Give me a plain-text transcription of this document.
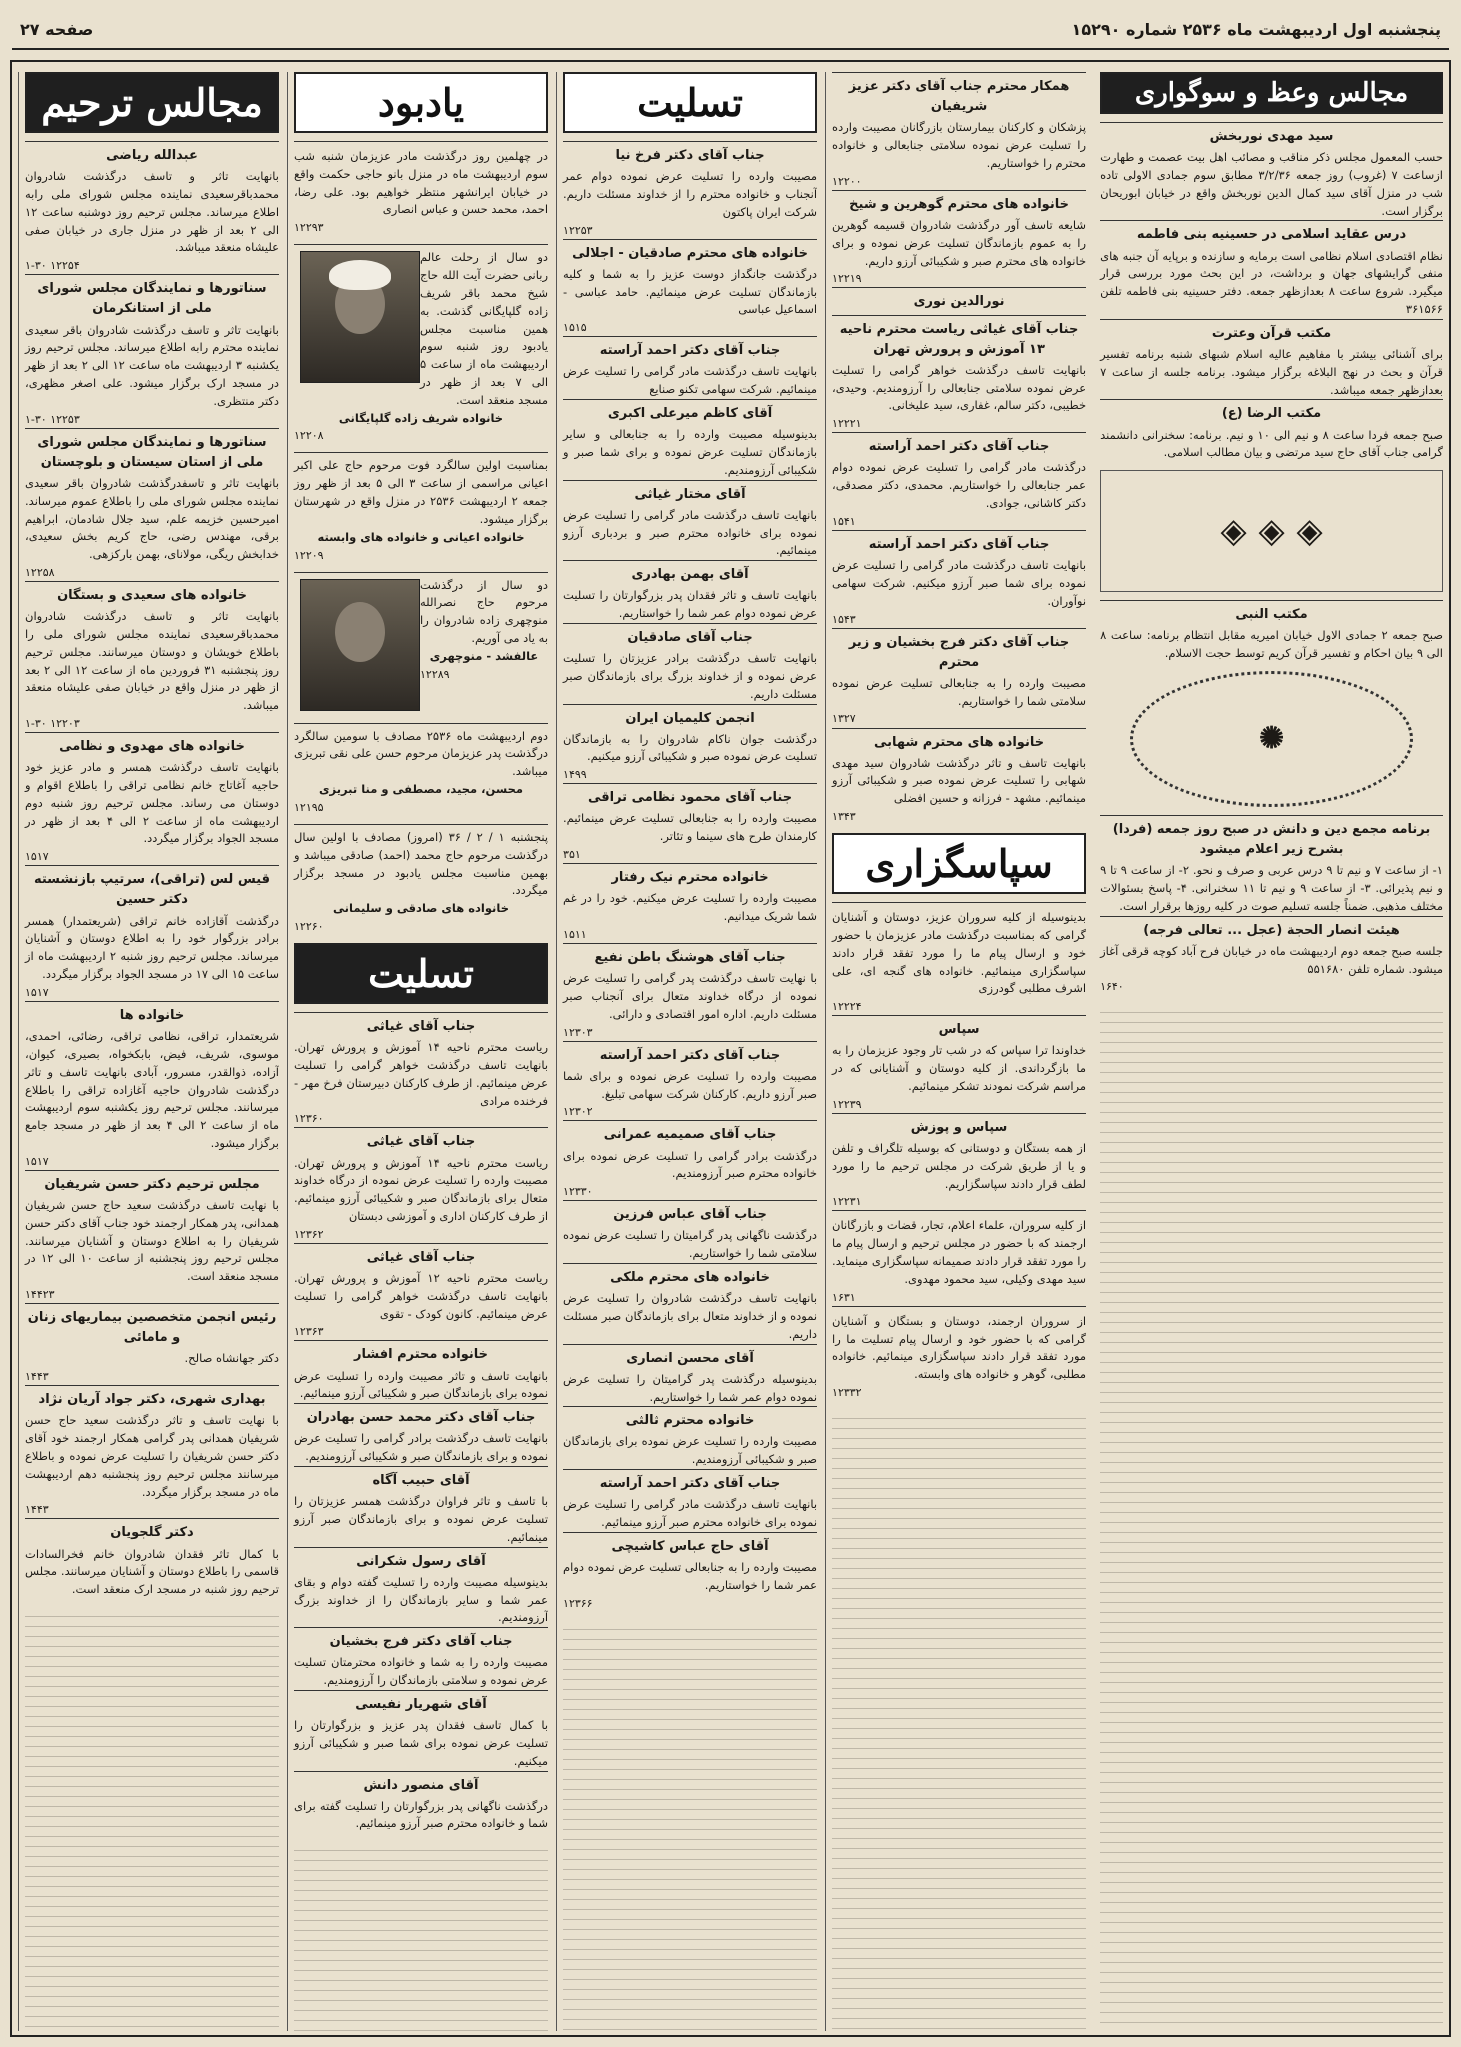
پنجشنبه اول اردیبهشت ماه ۲۵۳۶ شماره ۱۵۲۹۰
صفحه ۲۷
مجالس ترحیم
عبدالله ریاضی
بانهایت تاثر و تاسف درگذشت شادروان محمدباقرسعیدی نماینده مجلس شورای ملی رابه اطلاع میرساند. مجلس ترحیم روز دوشنبه ساعت ۱۲ الی ۲ بعد از ظهر در منزل جاری در خیابان صفی علیشاه منعقد میباشد.
۱-۳۰ ۱۲۲۵۴
سناتورها و نمایندگان مجلس شورای ملی از استانکرمان
بانهایت تاثر و تاسف درگذشت شادروان باقر سعیدی نماینده محترم رابه اطلاع میرساند. مجلس ترحیم روز یکشنبه ۳ اردیبهشت ماه ساعت ۱۲ الی ۲ بعد از ظهر در مسجد ارک برگزار میشود. علی اصغر مظهری، دکتر منتظری.
۱-۳۰ ۱۲۲۵۳
سناتورها و نمایندگان مجلس شورای ملی از استان سیستان و بلوچستان
بانهایت تاثر و تاسفدرگذشت شادروان باقر سعیدی نماینده مجلس شورای ملی را باطلاع عموم میرساند. امیرحسین خزیمه علم، سید جلال شادمان، ابراهیم برقی، مهندس رضی، حاج کریم بخش سعیدی، خدابخش ریگی، مولانای، بهمن بارکزهی.
۱۲۲۵۸
خانواده های سعیدی و بستگان
بانهایت تاثر و تاسف درگذشت شادروان محمدباقرسعیدی نماینده مجلس شورای ملی را باطلاع خویشان و دوستان میرسانند. مجلس ترحیم روز پنجشنبه ۳۱ فروردین ماه از ساعت ۱۲ الی ۲ بعد از ظهر در منزل واقع در خیابان صفی علیشاه منعقد میباشد.
۱-۳۰ ۱۲۲۰۳
خانواده های مهدوی و نظامی
بانهایت تاسف درگذشت همسر و مادر عزیز خود حاجیه آغاتاج خانم نظامی تراقی را باطلاع اقوام و دوستان می رساند. مجلس ترحیم روز شنبه دوم اردیبهشت ماه از ساعت ۲ الی ۴ بعد از ظهر در مسجد الجواد برگزار میگردد.
۱۵۱۷
قیس لس (تراقی)، سرتیپ بازنشسته دکتر حسین
درگذشت آقازاده خانم تراقی (شریعتمدار) همسر برادر بزرگوار خود را به اطلاع دوستان و آشنایان میرساند. مجلس ترحیم روز شنبه ۲ اردیبهشت ماه از ساعت ۱۵ الی ۱۷ در مسجد الجواد برگزار میگردد.
۱۵۱۷
خانواده ها
شریعتمدار، تراقی، نظامی تراقی، رضائی، احمدی، موسوی، شریف، فیض، بابکخواه، بصیری، کیوان، آزاده، ذوالقدر، مسرور، آبادی بانهایت تاسف و تاثر درگذشت شادروان حاجیه آغازاده تراقی را باطلاع میرسانند. مجلس ترحیم روز یکشنبه سوم اردیبهشت ماه از ساعت ۲ الی ۴ بعد از ظهر در مسجد جامع برگزار میشود.
۱۵۱۷
مجلس ترحیم دکتر حسن شریفیان
با نهایت تاسف درگذشت سعید حاج حسن شریفیان همدانی، پدر همکار ارجمند خود جناب آقای دکتر حسن شریفیان را به اطلاع دوستان و آشنایان میرسانند. مجلس ترحیم روز پنجشنبه از ساعت ۱۰ الی ۱۲ در مسجد منعقد است.
۱۴۴۲۳
رئیس انجمن متخصصین بیماریهای زنان و مامائی
دکتر جهانشاه صالح.
۱۴۴۳
بهداری شهری، دکتر جواد آریان نژاد
با نهایت تاسف و تاثر درگذشت سعید حاج حسن شریفیان همدانی پدر گرامی همکار ارجمند خود آقای دکتر حسن شریفیان را تسلیت عرض نموده و باطلاع میرسانند مجلس ترحیم روز پنجشنبه دهم اردیبهشت ماه در مسجد برگزار میگردد.
۱۴۴۳
دکتر گلجویان
با کمال تاثر فقدان شادروان خانم فخرالسادات قاسمی را باطلاع دوستان و آشنایان میرسانند. مجلس ترحیم روز شنبه در مسجد ارک منعقد است.
یادبود
در چهلمین روز درگذشت مادر عزیزمان شنبه شب سوم اردیبهشت ماه در منزل بانو حاجی حکمت واقع در خیابان ایرانشهر منتظر خواهیم بود. علی رضا، احمد، محمد حسن و عباس انصاری
۱۲۲۹۳
دو سال از رحلت عالم ربانی حضرت آیت الله حاج شیخ محمد باقر شریف زاده گلپایگانی گذشت. به همین مناسبت مجلس یادبود روز شنبه سوم اردیبهشت ماه از ساعت ۵ الی ۷ بعد از ظهر در مسجد منعقد است.
خانواده شریف زاده گلپایگانی
۱۲۲۰۸
بمناسبت اولین سالگرد فوت مرحوم حاج علی اکبر اعیانی مراسمی از ساعت ۳ الی ۵ بعد از ظهر روز جمعه ۲ اردیبهشت ۲۵۳۶ در منزل واقع در شهرستان برگزار میشود.
خانواده اعیانی و خانواده های وابسته
۱۲۲۰۹
دو سال از درگذشت مرحوم حاج نصرالله منوچهری زاده شادروان را به یاد می آوریم.
عالفشد - منوچهری
۱۲۲۸۹
دوم اردیبهشت ماه ۲۵۳۶ مصادف با سومین سالگرد درگذشت پدر عزیزمان مرحوم حسن علی نقی تبریزی میباشد.
محسن، مجید، مصطفی و منا تبریزی
۱۲۱۹۵
پنجشنبه ۱ / ۲ / ۳۶ (امروز) مصادف با اولین سال درگذشت مرحوم حاج محمد (احمد) صادقی میباشد و بهمین مناسبت مجلس یادبود در مسجد برگزار میگردد.
خانواده های صادقی و سلیمانی
۱۲۲۶۰
تسلیت
جناب آقای غیاثی
ریاست محترم ناحیه ۱۴ آموزش و پرورش تهران. بانهایت تاسف درگذشت خواهر گرامی را تسلیت عرض مینمائیم. از طرف کارکنان دبیرستان فرخ مهر - فرخنده مرادی
۱۲۳۶۰
جناب آقای غیاثی
ریاست محترم ناحیه ۱۴ آموزش و پرورش تهران. مصیبت وارده را تسلیت عرض نموده از درگاه خداوند متعال برای بازماندگان صبر و شکیبائی آرزو مینمائیم. از طرف کارکنان اداری و آموزشی دبستان
۱۲۳۶۲
جناب آقای غیاثی
ریاست محترم ناحیه ۱۲ آموزش و پرورش تهران. بانهایت تاسف درگذشت خواهر گرامی را تسلیت عرض مینمائیم. کانون کودک - تقوی
۱۲۳۶۳
خانواده محترم افشار
بانهایت تاسف و تاثر مصیبت وارده را تسلیت عرض نموده برای بازماندگان صبر و شکیبائی آرزو مینمائیم.
جناب آقای دکتر محمد حسن بهادران
بانهایت تاسف درگذشت برادر گرامی را تسلیت عرض نموده و برای بازماندگان صبر و شکیبائی آرزومندیم.
آقای حبیب آگاه
با تاسف و تاثر فراوان درگذشت همسر عزیزتان را تسلیت عرض نموده و برای بازماندگان صبر آرزو مینمائیم.
آقای رسول شکرانی
بدینوسیله مصیبت وارده را تسلیت گفته دوام و بقای عمر شما و سایر بازماندگان را از خداوند بزرگ آرزومندیم.
جناب آقای دکتر فرج بخشیان
مصیبت وارده را به شما و خانواده محترمتان تسلیت عرض نموده و سلامتی بازماندگان را آرزومندیم.
آقای شهریار نفیسی
با کمال تاسف فقدان پدر عزیز و بزرگوارتان را تسلیت عرض نموده برای شما صبر و شکیبائی آرزو میکنیم.
آقای منصور دانش
درگذشت ناگهانی پدر بزرگوارتان را تسلیت گفته برای شما و خانواده محترم صبر آرزو مینمائیم.
تسلیت
جناب آقای دکتر فرخ نیا
مصیبت وارده را تسلیت عرض نموده دوام عمر آنجناب و خانواده محترم را از خداوند مسئلت داریم. شرکت ایران پاکتون
۱۲۲۵۳
خانواده های محترم صادقیان - اجلالی
درگذشت جانگداز دوست عزیز را به شما و کلیه بازماندگان تسلیت عرض مینمائیم. حامد عباسی - اسماعیل عباسی
۱۵۱۵
جناب آقای دکتر احمد آراسته
بانهایت تاسف درگذشت مادر گرامی را تسلیت عرض مینمائیم. شرکت سهامی تکنو صنایع
آقای کاظم میرعلی اکبری
بدینوسیله مصیبت وارده را به جنابعالی و سایر بازماندگان تسلیت عرض نموده و برای شما صبر و شکیبائی آرزومندیم.
آقای مختار غیاثی
بانهایت تاسف درگذشت مادر گرامی را تسلیت عرض نموده برای خانواده محترم صبر و بردباری آرزو مینمائیم.
آقای بهمن بهادری
بانهایت تاسف و تاثر فقدان پدر بزرگوارتان را تسلیت عرض نموده دوام عمر شما را خواستاریم.
جناب آقای صادقیان
بانهایت تاسف درگذشت برادر عزیزتان را تسلیت عرض نموده و از خداوند بزرگ برای بازماندگان صبر مسئلت داریم.
انجمن کلیمیان ایران
درگذشت جوان ناکام شادروان را به بازماندگان تسلیت عرض نموده صبر و شکیبائی آرزو میکنیم.
۱۴۹۹
جناب آقای محمود نظامی تراقی
مصیبت وارده را به جنابعالی تسلیت عرض مینمائیم. کارمندان طرح های سینما و تئاتر.
۳۵۱
خانواده محترم نیک رفتار
مصیبت وارده را تسلیت عرض میکنیم. خود را در غم شما شریک میدانیم.
۱۵۱۱
جناب آقای هوشنگ باطن نفیع
با نهایت تاسف درگذشت پدر گرامی را تسلیت عرض نموده از درگاه خداوند متعال برای آنجناب صبر مسئلت داریم. اداره امور اقتصادی و دارائی.
۱۲۳۰۳
جناب آقای دکتر احمد آراسته
مصیبت وارده را تسلیت عرض نموده و برای شما صبر آرزو داریم. کارکنان شرکت سهامی تبلیغ.
۱۲۳۰۲
جناب آقای صمیمیه عمرانی
درگذشت برادر گرامی را تسلیت عرض نموده برای خانواده محترم صبر آرزومندیم.
۱۲۳۳۰
جناب آقای عباس فرزین
درگذشت ناگهانی پدر گرامیتان را تسلیت عرض نموده سلامتی شما را خواستاریم.
خانواده های محترم ملکی
بانهایت تاسف درگذشت شادروان را تسلیت عرض نموده و از خداوند متعال برای بازماندگان صبر مسئلت داریم.
آقای محسن انصاری
بدینوسیله درگذشت پدر گرامیتان را تسلیت عرض نموده دوام عمر شما را خواستاریم.
خانواده محترم ثالثی
مصیبت وارده را تسلیت عرض نموده برای بازماندگان صبر و شکیبائی آرزومندیم.
جناب آقای دکتر احمد آراسته
بانهایت تاسف درگذشت مادر گرامی را تسلیت عرض نموده برای خانواده محترم صبر آرزو مینمائیم.
آقای حاج عباس کاشیچی
مصیبت وارده را به جنابعالی تسلیت عرض نموده دوام عمر شما را خواستاریم.
۱۲۳۶۶
همکار محترم جناب آقای دکتر عزیز شریفیان
پزشکان و کارکنان بیمارستان بازرگانان مصیبت وارده را تسلیت عرض نموده سلامتی جنابعالی و خانواده محترم را خواستاریم.
۱۲۲۰۰
خانواده های محترم گوهرین و شیخ
شایعه تاسف آور درگذشت شادروان قسیمه گوهرین را به عموم بازماندگان تسلیت عرض نموده و برای خانواده های محترم صبر و شکیبائی آرزو داریم.
۱۲۲۱۹
نورالدین نوری
جناب آقای غیاثی ریاست محترم ناحیه ۱۳ آموزش و پرورش تهران
بانهایت تاسف درگذشت خواهر گرامی را تسلیت عرض نموده سلامتی جنابعالی را آرزومندیم. وحیدی، خطیبی، دکتر سالم، غفاری، سید علیخانی.
۱۲۲۲۱
جناب آقای دکتر احمد آراسته
درگذشت مادر گرامی را تسلیت عرض نموده دوام عمر جنابعالی را خواستاریم. محمدی، دکتر مصدقی، دکتر کاشانی، جوادی.
۱۵۴۱
جناب آقای دکتر احمد آراسته
بانهایت تاسف درگذشت مادر گرامی را تسلیت عرض نموده برای شما صبر آرزو میکنیم. شرکت سهامی نوآوران.
۱۵۴۳
جناب آقای دکتر فرج بخشیان و زیر محترم
مصیبت وارده را به جنابعالی تسلیت عرض نموده سلامتی شما را خواستاریم.
۱۳۲۷
خانواده های محترم شهابی
بانهایت تاسف و تاثر درگذشت شادروان سید مهدی شهابی را تسلیت عرض نموده صبر و شکیبائی آرزو مینمائیم. مشهد - فرزانه و حسین افضلی
۱۳۴۳
سپاسگزاری
بدینوسیله از کلیه سروران عزیز، دوستان و آشنایان گرامی که بمناسبت درگذشت مادر عزیزمان با حضور خود و ارسال پیام ما را مورد تفقد قرار دادند سپاسگزاری مینمائیم. خانواده های گنجه ای، علی اشرف مطلبی گودرزی
۱۲۲۲۴
سپاس
خداوندا ترا سپاس که در شب تار وجود عزیزمان را به ما بازگرداندی. از کلیه دوستان و آشنایانی که در مراسم شرکت نمودند تشکر مینمائیم.
۱۲۲۳۹
سپاس و پوزش
از همه بستگان و دوستانی که بوسیله تلگراف و تلفن و یا از طریق شرکت در مجلس ترحیم ما را مورد لطف قرار دادند سپاسگزاریم.
۱۲۲۳۱
از کلیه سروران، علماء اعلام، تجار، قضات و بازرگانان ارجمند که با حضور در مجلس ترحیم و ارسال پیام ما را مورد تفقد قرار دادند صمیمانه سپاسگزاری مینماید. سید مهدی وکیلی، سید محمود مهدوی.
۱۶۳۱
از سروران ارجمند، دوستان و بستگان و آشنایان گرامی که با حضور خود و ارسال پیام تسلیت ما را مورد تفقد قرار دادند سپاسگزاری مینمائیم. خانواده مطلبی، گوهر و خانواده های وابسته.
۱۲۳۳۲
مجالس وعظ و سوگواری
سید مهدی نوربخش
حسب المعمول مجلس ذکر مناقب و مصائب اهل بیت عصمت و طهارت ازساعت ۷ (غروب) روز جمعه ۳/۲/۳۶ مطابق سوم جمادی الاولی تاده شب در منزل آقای سید کمال الدین نوربخش واقع در خیابان ابوریحان برگزار است.
درس عقاید اسلامی در حسینیه بنی فاطمه
نظام اقتصادی اسلام نظامی است برمایه و سازنده و برپایه آن جنبه های منفی گرایشهای جهان و برداشت، در این بحث مورد بررسی قرار میگیرد. شروع ساعت ۸ بعدازظهر جمعه. دفتر حسینیه بنی فاطمه تلفن ۳۶۱۵۶۶
مکتب قرآن وعترت
برای آشنائی بیشتر با مفاهیم عالیه اسلام شبهای شنبه برنامه تفسیر قرآن و بحث در نهج البلاغه برگزار میشود. برنامه جلسه از ساعت ۷ بعدازظهر جمعه میباشد.
مکتب الرضا (ع)
صبح جمعه فردا ساعت ۸ و نیم الی ۱۰ و نیم. برنامه: سخنرانی دانشمند گرامی جناب آقای حاج سید مرتضی و بیان مطالب اسلامی.
◈ ◈ ◈
مکتب النبی
صبح جمعه ۲ جمادی الاول خیابان امیریه مقابل انتظام برنامه: ساعت ۸ الی ۹ بیان احکام و تفسیر قرآن کریم توسط حجت الاسلام.
✺
برنامه مجمع دین و دانش در صبح روز جمعه (فردا) بشرح زیر اعلام میشود
۱- از ساعت ۷ و نیم تا ۹ درس عربی و صرف و نحو. ۲- از ساعت ۹ تا ۹ و نیم پذیرائی. ۳- از ساعت ۹ و نیم تا ۱۱ سخنرانی. ۴- پاسخ بسئوالات مختلف مذهبی. ضمناً جلسه تسلیم صوت در کلیه روزها برقرار است.
هیئت انصار الحجة (عجل ... تعالی فرجه)
جلسه صبح جمعه دوم اردیبهشت ماه در خیابان فرح آباد کوچه قرقی آغاز میشود. شماره تلفن ۵۵۱۶۸۰
۱۶۴۰
